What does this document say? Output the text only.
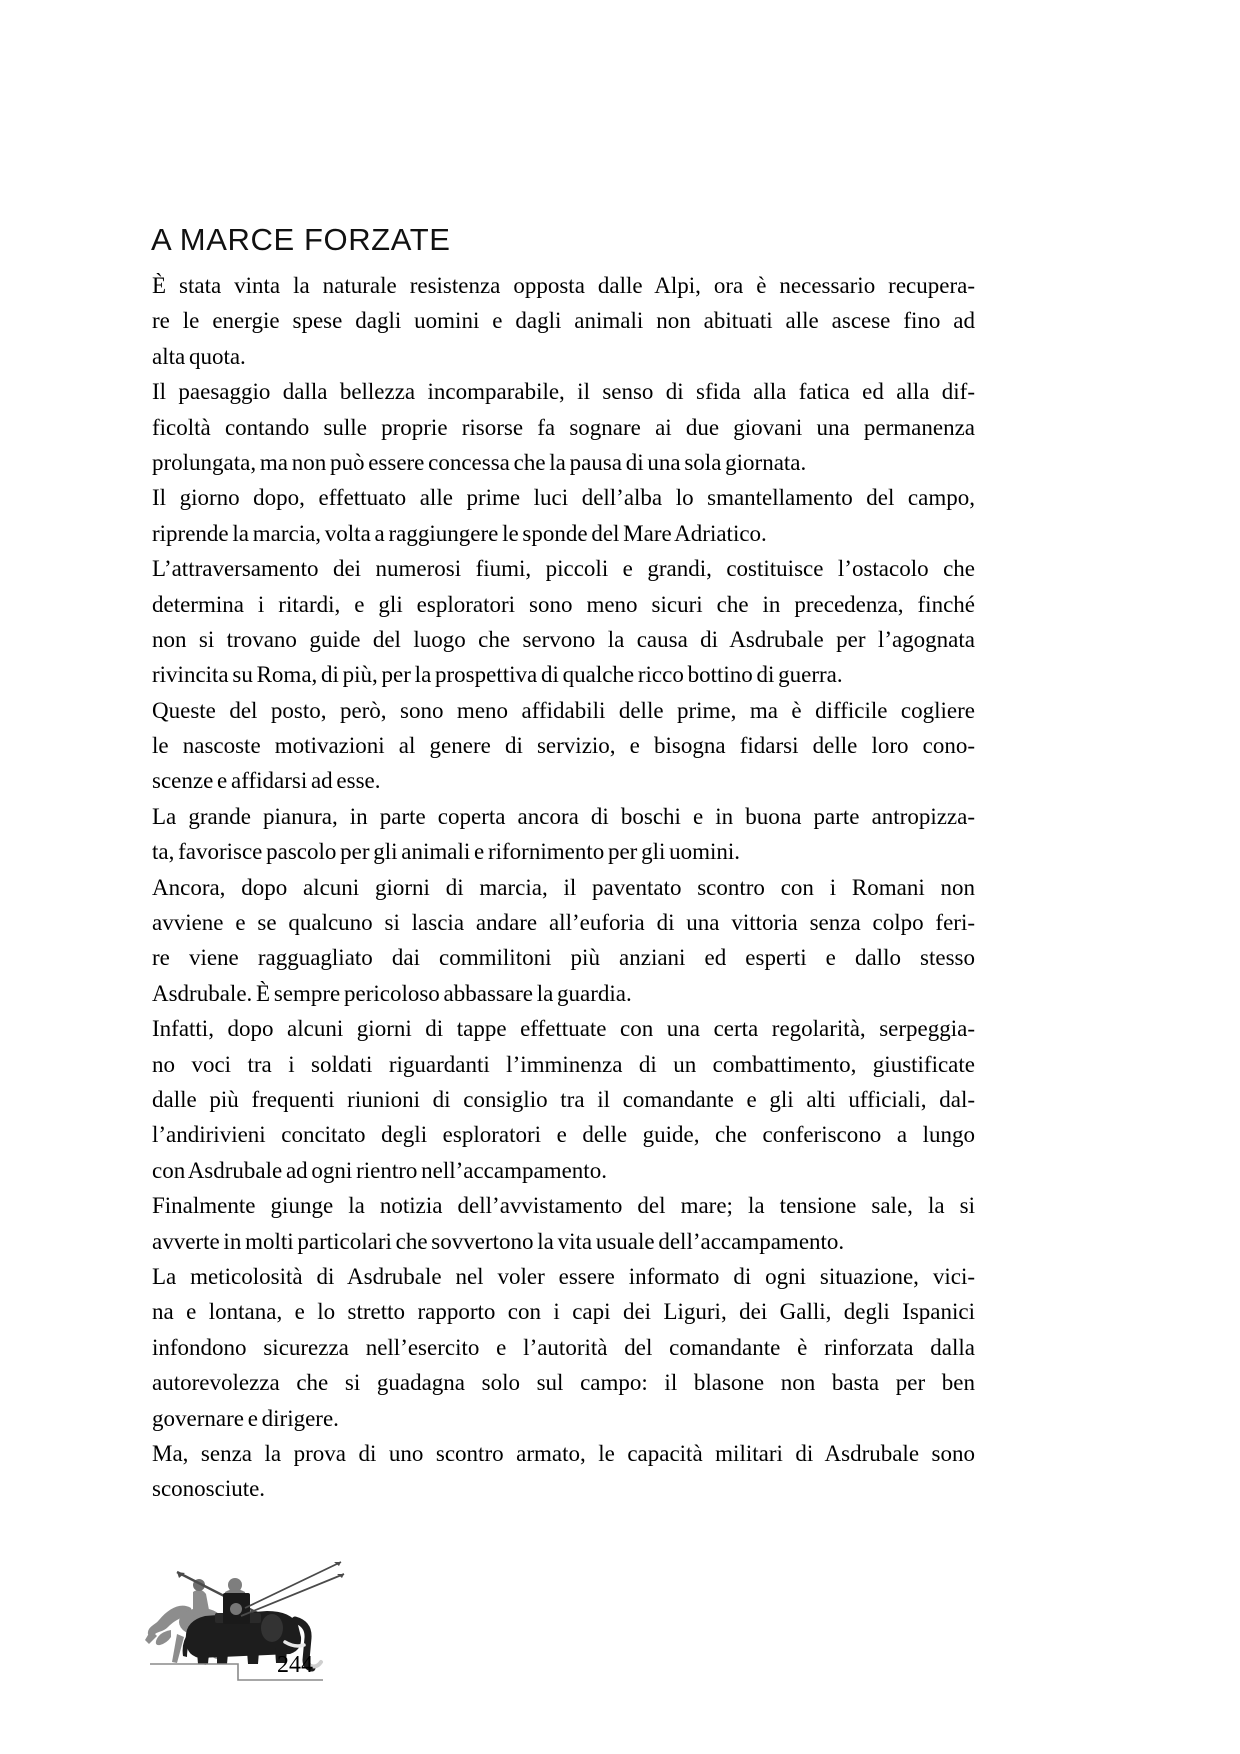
A MARCE FORZATE
È stata vinta la naturale resistenza opposta dalle Alpi, ora è necessario recupera-
re le energie spese dagli uomini e dagli animali non abituati alle ascese fino ad
alta quota.
Il paesaggio dalla bellezza incomparabile, il senso di sfida alla fatica ed alla dif-
ficoltà contando sulle proprie risorse fa sognare ai due giovani una permanenza
prolungata, ma non può essere concessa che la pausa di una sola giornata.
Il giorno dopo, effettuato alle prime luci dell’alba lo smantellamento del campo,
riprende la marcia, volta a raggiungere le sponde del Mare Adriatico.
L’attraversamento dei numerosi fiumi, piccoli e grandi, costituisce l’ostacolo che
determina i ritardi, e gli esploratori sono meno sicuri che in precedenza, finché
non si trovano guide del luogo che servono la causa di Asdrubale per l’agognata
rivincita su Roma, di più, per la prospettiva di qualche ricco bottino di guerra.
Queste del posto, però, sono meno affidabili delle prime, ma è difficile cogliere
le nascoste motivazioni al genere di servizio, e bisogna fidarsi delle loro cono-
scenze e affidarsi ad esse.
La grande pianura, in parte coperta ancora di boschi e in buona parte antropizza-
ta, favorisce pascolo per gli animali e rifornimento per gli uomini.
Ancora, dopo alcuni giorni di marcia, il paventato scontro con i Romani non
avviene e se qualcuno si lascia andare all’euforia di una vittoria senza colpo feri-
re viene ragguagliato dai commilitoni più anziani ed esperti e dallo stesso
Asdrubale. È sempre pericoloso abbassare la guardia.
Infatti, dopo alcuni giorni di tappe effettuate con una certa regolarità, serpeggia-
no voci tra i soldati riguardanti l’imminenza di un combattimento, giustificate
dalle più frequenti riunioni di consiglio tra il comandante e gli alti ufficiali, dal-
l’andirivieni concitato degli esploratori e delle guide, che conferiscono a lungo
con Asdrubale ad ogni rientro nell’accampamento.
Finalmente giunge la notizia dell’avvistamento del mare; la tensione sale, la si
avverte in molti particolari che sovvertono la vita usuale dell’accampamento.
La meticolosità di Asdrubale nel voler essere informato di ogni situazione, vici-
na e lontana, e lo stretto rapporto con i capi dei Liguri, dei Galli, degli Ispanici
infondono sicurezza nell’esercito e l’autorità del comandante è rinforzata dalla
autorevolezza che si guadagna solo sul campo: il blasone non basta per ben
governare e dirigere.
Ma, senza la prova di uno scontro armato, le capacità militari di Asdrubale sono
sconosciute.
244
